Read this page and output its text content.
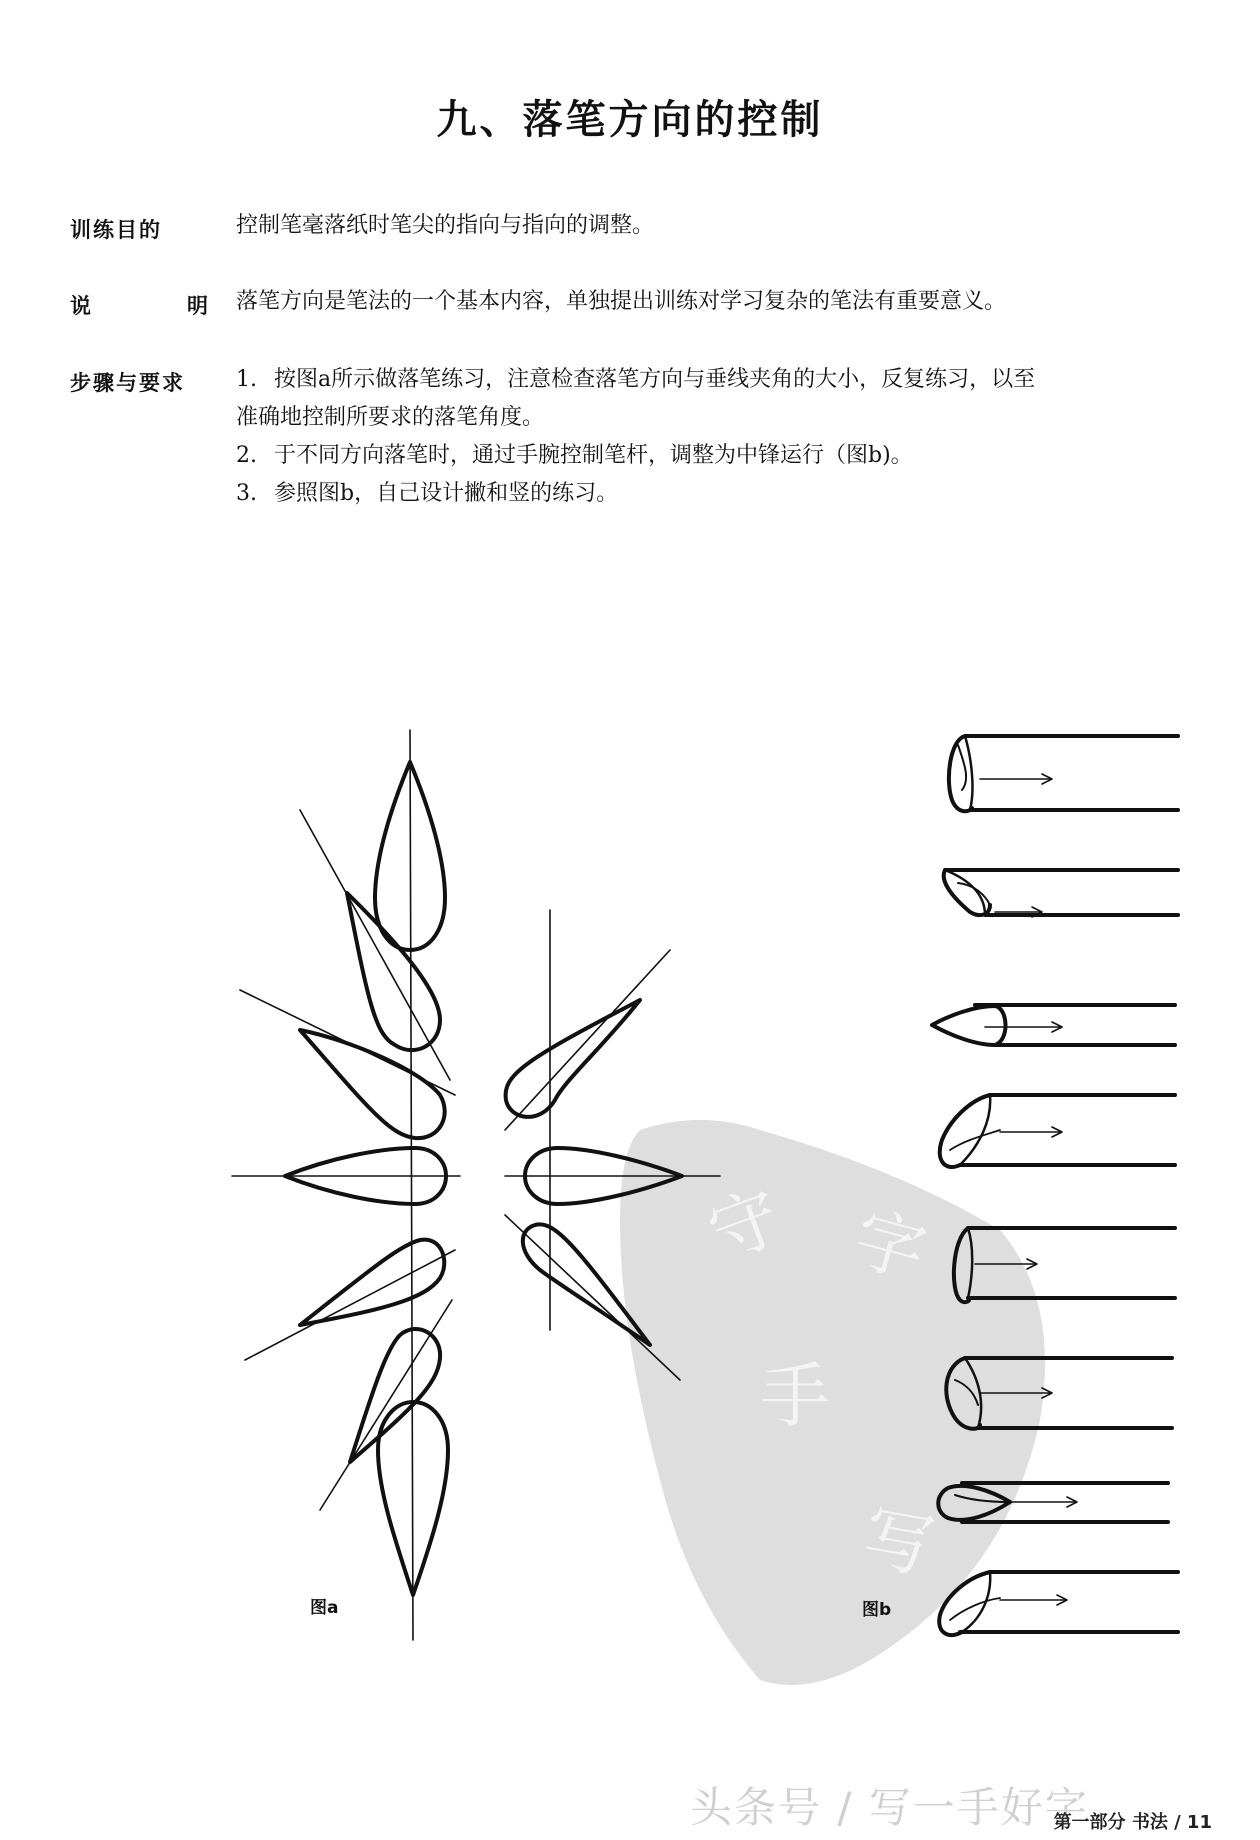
九、落笔方向的控制
训练目的	控制笔毫落纸时笔尖的指向与指向的调整。
说	明 落笔方向是笔法的一个基本内容，单独提出训练对学习复杂的笔法有重要意义。
步骤与要求 1. 按图a所示做落笔练习，注意检查落笔方向与垂线夹角的大小，反复练习，以至
准确地控制所要求的落笔角度。
2. 于不同方向落笔时，通过手腕控制笔杆，调整为中锋运行（图b)。
3. 参照图b，自己设计撇和竖的练习。
守 字
手
写
图a	图b
头条号 / 写一手好字
第一部分 书法 / 11
